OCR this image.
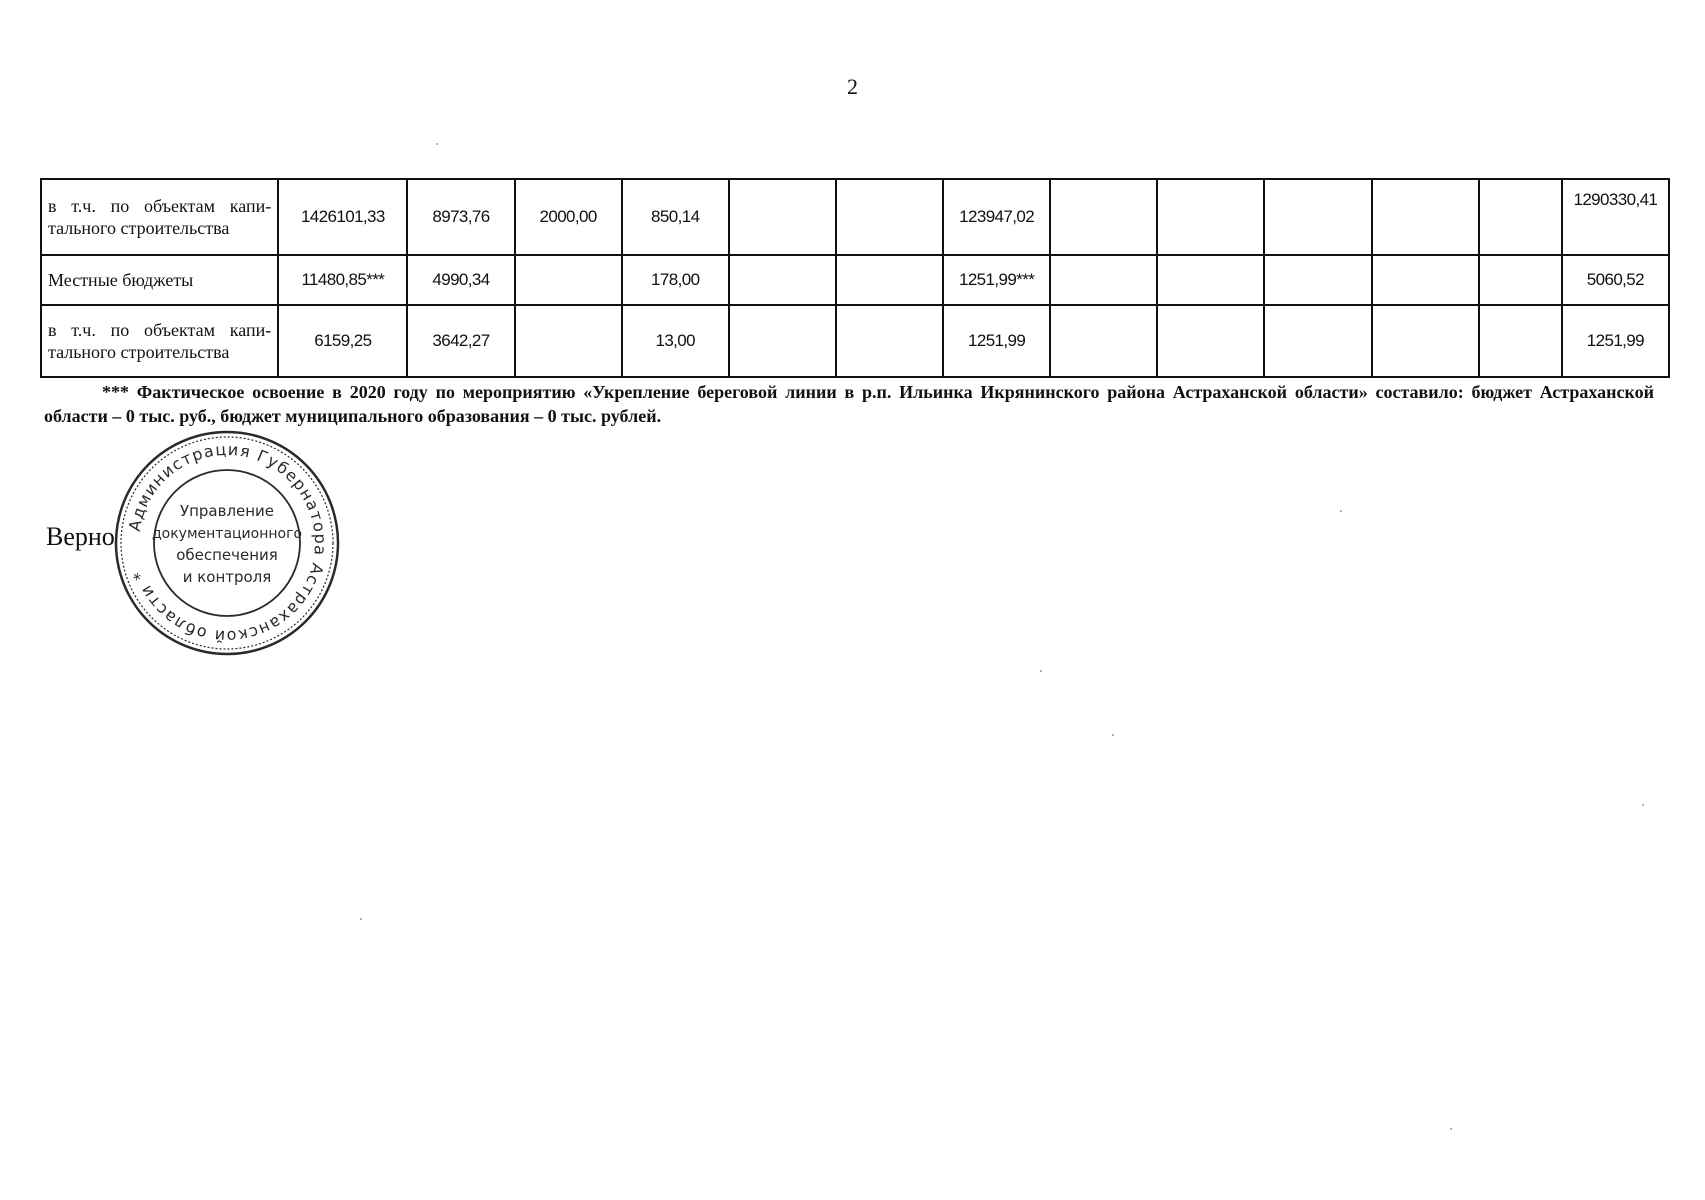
2
в т.ч. по объектам капи-тального строительства	1426101,33	8973,76	2000,00	850,14			123947,02						1290330,41
Местные бюджеты	11480,85***	4990,34		178,00			1251,99***						5060,52
в т.ч. по объектам капи-тального строительства	6159,25	3642,27		13,00			1251,99						1251,99
*** Фактическое освоение в 2020 году по мероприятию «Укрепление береговой линии в р.п. Ильинка Икрянинского района Астраханской области» составило: бюджет Астраханской области – 0 тыс. руб., бюджет муниципального образования – 0 тыс. рублей.
Верно Администрация Губернатора Астраханской области *
Управление
документационного
обеспечения
и контроля
